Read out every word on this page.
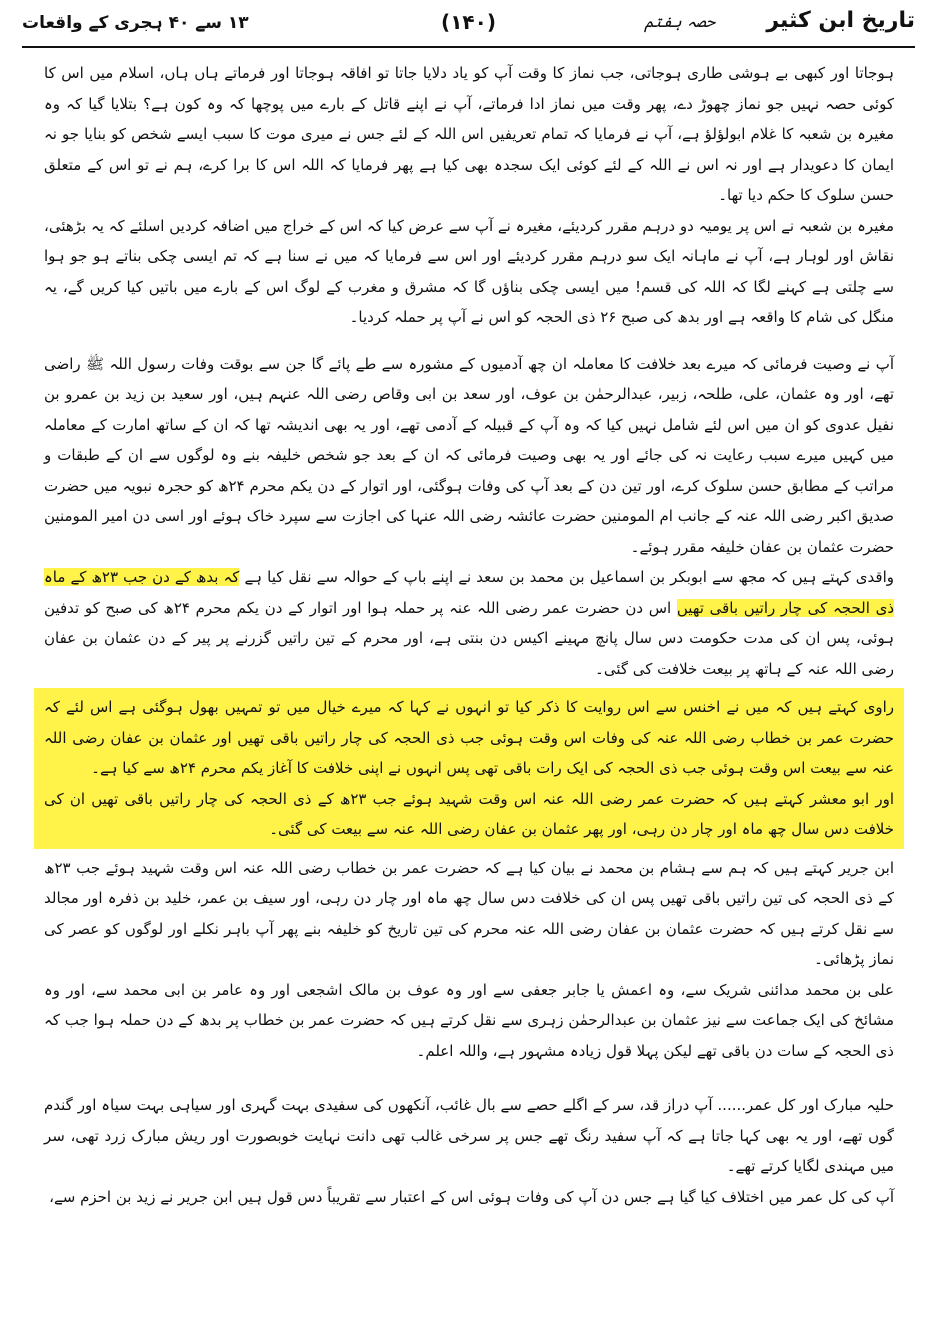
تاریخ ابن کثیر
حصہ ہفتم
(۱۴۰)
۱۳ سے ۴۰ ہجری کے واقعات

ہوجاتا اور کبھی بے ہوشی طاری ہوجاتی، جب نماز کا وقت آپ کو یاد دلایا جاتا تو افاقہ ہوجاتا اور فرماتے ہاں ہاں، اسلام میں اس کا کوئی حصہ نہیں جو نماز چھوڑ دے، پھر وقت میں نماز ادا فرماتے، آپ نے اپنے قاتل کے بارے میں پوچھا کہ وہ کون ہے؟ بتلایا گیا کہ وہ مغیرہ بن شعبہ کا غلام ابولؤلؤ ہے، آپ نے فرمایا کہ تمام تعریفیں اس اللہ کے لئے جس نے میری موت کا سبب ایسے شخص کو بنایا جو نہ ایمان کا دعویدار ہے اور نہ اس نے اللہ کے لئے کوئی ایک سجدہ بھی کیا ہے پھر فرمایا کہ اللہ اس کا برا کرے، ہم نے تو اس کے متعلق حسن سلوک کا حکم دیا تھا۔

مغیرہ بن شعبہ نے اس پر یومیہ دو درہم مقرر کردیئے، مغیرہ نے آپ سے عرض کیا کہ اس کے خراج میں اضافہ کردیں اسلئے کہ یہ بڑھئی، نقاش اور لوہار ہے، آپ نے ماہانہ ایک سو درہم مقرر کردیئے اور اس سے فرمایا کہ میں نے سنا ہے کہ تم ایسی چکی بناتے ہو جو ہوا سے چلتی ہے کہنے لگا کہ اللہ کی قسم! میں ایسی چکی بناؤں گا کہ مشرق و مغرب کے لوگ اس کے بارے میں باتیں کیا کریں گے، یہ منگل کی شام کا واقعہ ہے اور بدھ کی صبح ۲۶ ذی الحجہ کو اس نے آپ پر حملہ کردیا۔

آپ نے وصیت فرمائی کہ میرے بعد خلافت کا معاملہ ان چھ آدمیوں کے مشورہ سے طے پائے گا جن سے بوقت وفات رسول اللہ ﷺ راضی تھے، اور وہ عثمان، علی، طلحہ، زبیر، عبدالرحمٰن بن عوف، اور سعد بن ابی وقاص رضی اللہ عنہم ہیں، اور سعید بن زید بن عمرو بن نفیل عدوی کو ان میں اس لئے شامل نہیں کیا کہ وہ آپ کے قبیلہ کے آدمی تھے، اور یہ بھی اندیشہ تھا کہ ان کے ساتھ امارت کے معاملہ میں کہیں میرے سبب رعایت نہ کی جائے اور یہ بھی وصیت فرمائی کہ ان کے بعد جو شخص خلیفہ بنے وہ لوگوں سے ان کے طبقات و مراتب کے مطابق حسن سلوک کرے، اور تین دن کے بعد آپ کی وفات ہوگئی، اور اتوار کے دن یکم محرم ۲۴ھ کو حجرہ نبویہ میں حضرت صدیق اکبر رضی اللہ عنہ کے جانب ام المومنین حضرت عائشہ رضی اللہ عنہا کی اجازت سے سپرد خاک ہوئے اور اسی دن امیر المومنین حضرت عثمان بن عفان خلیفہ مقرر ہوئے۔

واقدی کہتے ہیں کہ مجھ سے ابوبکر بن اسماعیل بن محمد بن سعد نے اپنے باپ کے حوالہ سے نقل کیا ہے کہ بدھ کے دن جب ۲۳ھ کے ماہ ذی الحجہ کی چار راتیں باقی تھیں اس دن حضرت عمر رضی اللہ عنہ پر حملہ ہوا اور اتوار کے دن یکم محرم ۲۴ھ کی صبح کو تدفین ہوئی، پس ان کی مدت حکومت دس سال پانچ مہینے اکیس دن بنتی ہے، اور محرم کے تین راتیں گزرنے پر پیر کے دن عثمان بن عفان رضی اللہ عنہ کے ہاتھ پر بیعت خلافت کی گئی۔

راوی کہتے ہیں کہ میں نے اخنس سے اس روایت کا ذکر کیا تو انہوں نے کہا کہ میرے خیال میں تو تمہیں بھول ہوگئی ہے اس لئے کہ حضرت عمر بن خطاب رضی اللہ عنہ کی وفات اس وقت ہوئی جب ذی الحجہ کی چار راتیں باقی تھیں اور عثمان بن عفان رضی اللہ عنہ سے بیعت اس وقت ہوئی جب ذی الحجہ کی ایک رات باقی تھی پس انہوں نے اپنی خلافت کا آغاز یکم محرم ۲۴ھ سے کیا ہے۔

اور ابو معشر کہتے ہیں کہ حضرت عمر رضی اللہ عنہ اس وقت شہید ہوئے جب ۲۳ھ کے ذی الحجہ کی چار راتیں باقی تھیں ان کی خلافت دس سال چھ ماہ اور چار دن رہی، اور پھر عثمان بن عفان رضی اللہ عنہ سے بیعت کی گئی۔

ابن جریر کہتے ہیں کہ ہم سے ہشام بن محمد نے بیان کیا ہے کہ حضرت عمر بن خطاب رضی اللہ عنہ اس وقت شہید ہوئے جب ۲۳ھ کے ذی الحجہ کی تین راتیں باقی تھیں پس ان کی خلافت دس سال چھ ماہ اور چار دن رہی، اور سیف بن عمر، خلید بن ذفرہ اور مجالد سے نقل کرتے ہیں کہ حضرت عثمان بن عفان رضی اللہ عنہ محرم کی تین تاریخ کو خلیفہ بنے پھر آپ باہر نکلے اور لوگوں کو عصر کی نماز پڑھائی۔

علی بن محمد مدائنی شریک سے، وہ اعمش یا جابر جعفی سے اور وہ عوف بن مالک اشجعی اور وہ عامر بن ابی محمد سے، اور وہ مشائخ کی ایک جماعت سے نیز عثمان بن عبدالرحمٰن زہری سے نقل کرتے ہیں کہ حضرت عمر بن خطاب پر بدھ کے دن حملہ ہوا جب کہ ذی الحجہ کے سات دن باقی تھے لیکن پہلا قول زیادہ مشہور ہے، واللہ اعلم۔

حلیہ مبارک اور کل عمر...... آپ دراز قد، سر کے اگلے حصے سے بال غائب، آنکھوں کی سفیدی بہت گہری اور سیاہی بہت سیاہ اور گندم گوں تھے، اور یہ بھی کہا جاتا ہے کہ آپ سفید رنگ تھے جس پر سرخی غالب تھی دانت نہایت خوبصورت اور ریش مبارک زرد تھی، سر میں مہندی لگایا کرتے تھے۔

آپ کی کل عمر میں اختلاف کیا گیا ہے جس دن آپ کی وفات ہوئی اس کے اعتبار سے تقریباً دس قول ہیں ابن جریر نے زید بن احزم سے،
